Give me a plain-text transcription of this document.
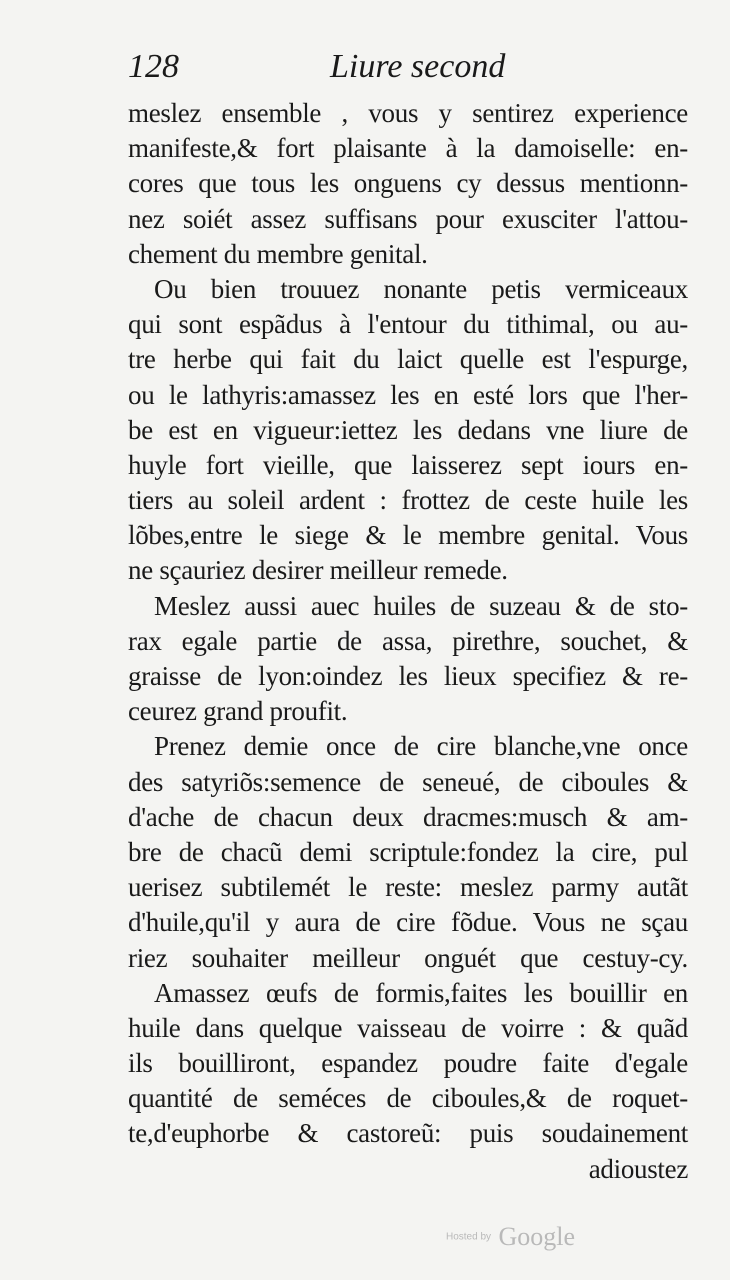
128	Liure second
meslez ensemble , vous y sentirez experience
manifeste,& fort plaisante à la damoiselle: en-
cores que tous les onguens cy dessus mentionn-
nez soiét assez suffisans pour exusciter l'attou-
chement du membre genital.
Ou bien trouuez nonante petis vermiceaux
qui sont espãdus à l'entour du tithimal, ou au-
tre herbe qui fait du laict quelle est l'espurge,
ou le lathyris:amassez les en esté lors que l'her-
be est en vigueur:iettez les dedans vne liure de
huyle fort vieille, que laisserez sept iours en-
tiers au soleil ardent : frottez de ceste huile les
lõbes,entre le siege & le membre genital. Vous
ne sçauriez desirer meilleur remede.
Meslez aussi auec huiles de suzeau & de sto-
rax egale partie de assa, pirethre, souchet, &
graisse de lyon:oindez les lieux specifiez & re-
ceurez grand proufit.
Prenez demie once de cire blanche,vne once
des satyriõs:semence de seneué, de ciboules &
d'ache de chacun deux dracmes:musch & am-
bre de chacũ demi scriptule:fondez la cire, pul
uerisez subtilemét le reste: meslez parmy autãt
d'huile,qu'il y aura de cire fõdue. Vous ne sçau
riez souhaiter meilleur onguét que cestuy-cy.
Amassez œufs de formis,faites les bouillir en
huile dans quelque vaisseau de voirre : & quãd
ils bouilliront, espandez poudre faite d'egale
quantité de seméces de ciboules,& de roquet-
te,d'euphorbe & castoreũ: puis soudainement
adioustez
Hosted by Google
